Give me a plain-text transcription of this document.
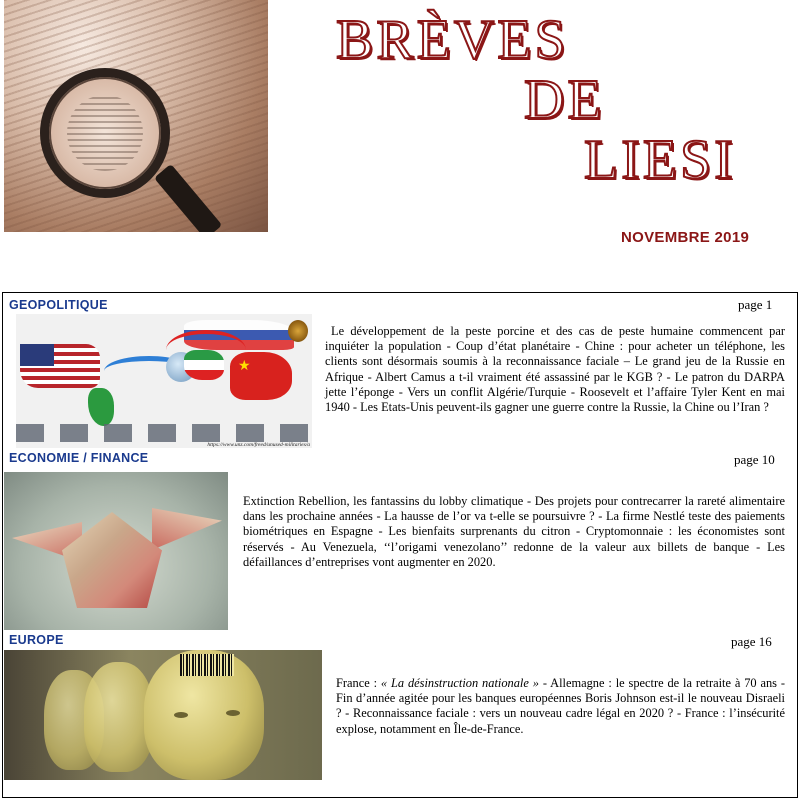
BRÈVES
DE
LIESI
NOVEMBRE 2019
GEOPOLITIQUE	page 1
★
https://www.unz.com/freed/unused-militaries/a
Le développement de la peste porcine et des cas de peste humaine commencent par inquiéter la population - Coup d’état planétaire - Chine : pour acheter un téléphone, les clients sont désormais soumis à la reconnaissance faciale – Le grand jeu de la Russie en Afrique - Albert Camus a t-il vraiment été assassiné par le KGB ? - Le patron du DARPA jette l’éponge - Vers un conflit Algérie/Turquie - Roosevelt et l’affaire Tyler Kent en mai 1940 - Les Etats-Unis peuvent-ils gagner une guerre contre la Russie, la Chine ou l’Iran ?
ECONOMIE / FINANCE	page 10
Extinction Rebellion, les fantassins du lobby climatique - Des projets pour contrecarrer la rareté alimentaire dans les prochaine années - La hausse de l’or va t-elle se poursuivre ? - La firme Nestlé teste des paiements biométriques en Espagne - Les bienfaits surprenants du citron - Cryptomonnaie : les économistes sont réservés - Au Venezuela, ‘‘l’origami venezolano’’ redonne de la valeur aux billets de banque - Les défaillances d’entreprises vont augmenter en 2020.
EUROPE	page 16
France : « La désinstruction nationale » - Allemagne : le spectre de la retraite à 70 ans - Fin d’année agitée pour les banques européennes Boris Johnson est-il le nouveau Disraeli ? - Reconnaissance faciale : vers un nouveau cadre légal en 2020 ? - France : l’insécurité explose, notamment en Île-de-France.
